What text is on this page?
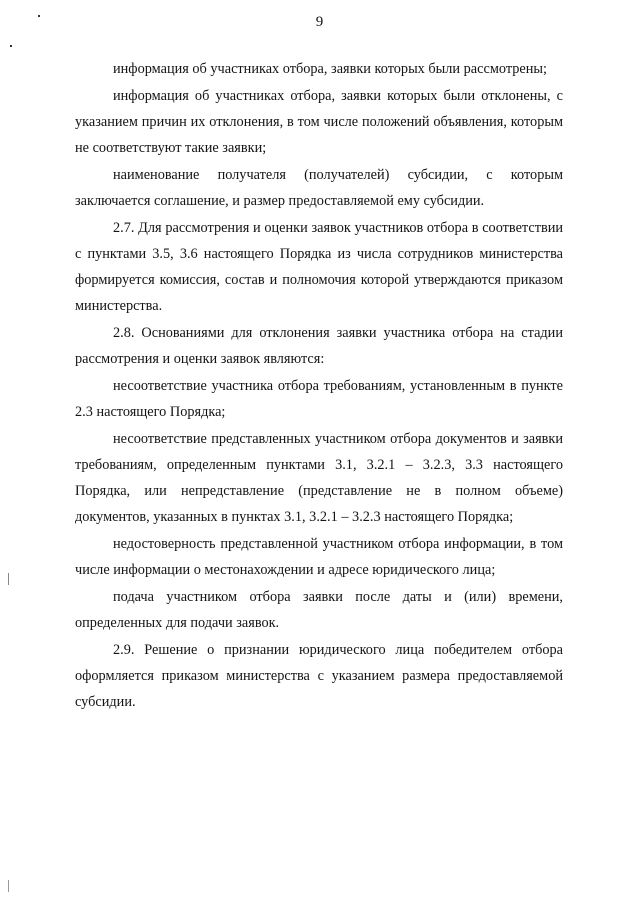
9

информация об участниках отбора, заявки которых были рассмотрены;

информация об участниках отбора, заявки которых были отклонены, с указанием причин их отклонения, в том числе положений объявления, которым не соответствуют такие заявки;

наименование получателя (получателей) субсидии, с которым заключается соглашение, и размер предоставляемой ему субсидии.

2.7. Для рассмотрения и оценки заявок участников отбора в соответствии с пунктами 3.5, 3.6 настоящего Порядка из числа сотрудников министерства формируется комиссия, состав и полномочия которой утверждаются приказом министерства.

2.8. Основаниями для отклонения заявки участника отбора на стадии рассмотрения и оценки заявок являются:

несоответствие участника отбора требованиям, установленным в пункте 2.3 настоящего Порядка;

несоответствие представленных участником отбора документов и заявки требованиям, определенным пунктами 3.1, 3.2.1 – 3.2.3, 3.3 настоящего Порядка, или непредставление (представление не в полном объеме) документов, указанных в пунктах 3.1, 3.2.1 – 3.2.3 настоящего Порядка;

недостоверность представленной участником отбора информации, в том числе информации о местонахождении и адресе юридического лица;

подача участником отбора заявки после даты и (или) времени, определенных для подачи заявок.

2.9. Решение о признании юридического лица победителем отбора оформляется приказом министерства с указанием размера предоставляемой субсидии.
